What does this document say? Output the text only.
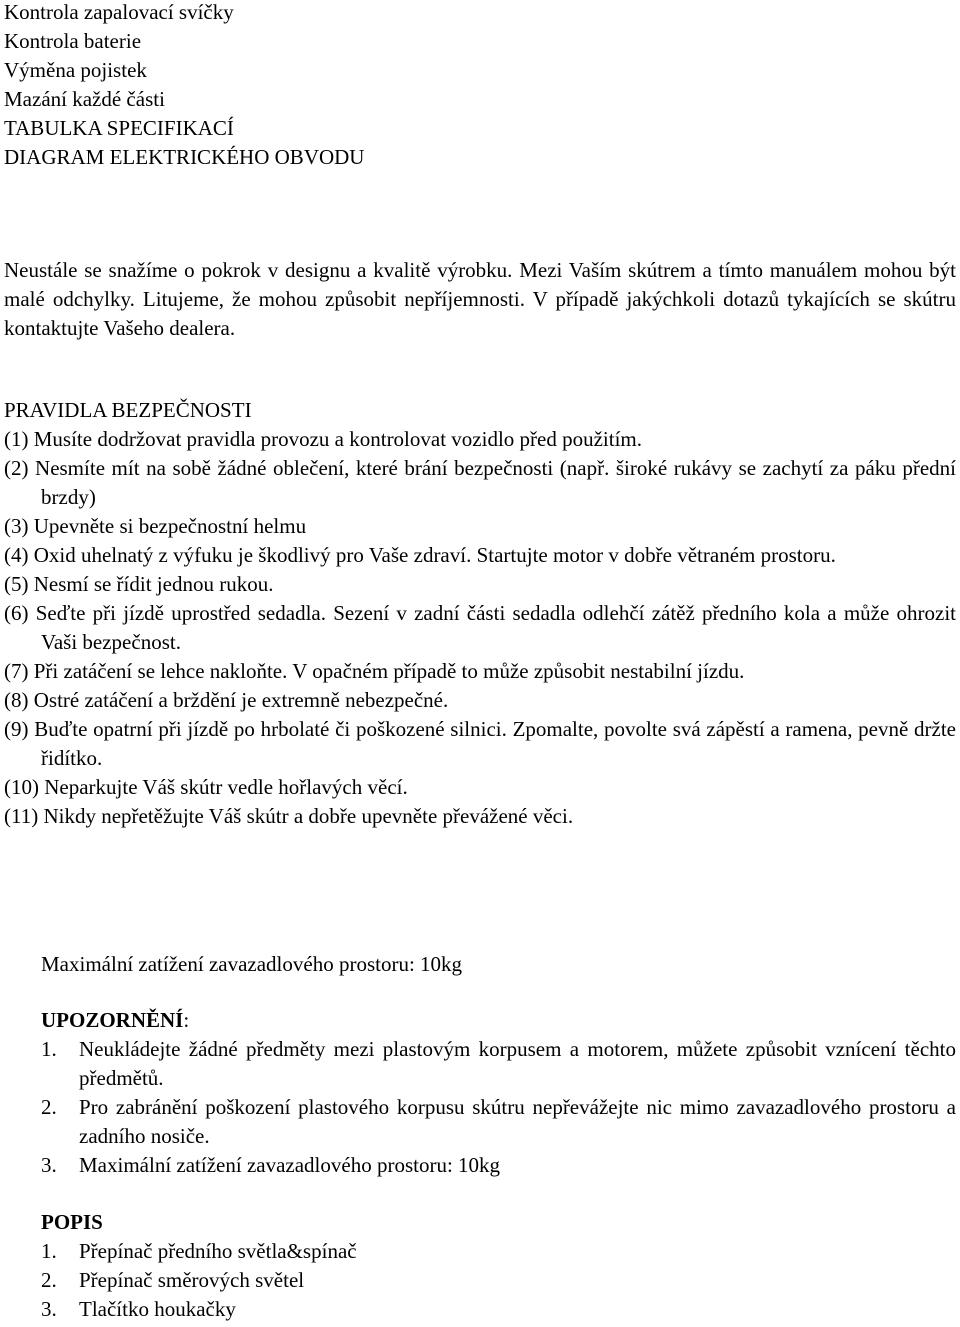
Kontrola zapalovací svíčky

Kontrola baterie

Výměna pojistek

Mazání každé části

TABULKA SPECIFIKACÍ

DIAGRAM ELEKTRICKÉHO OBVODU

Neustále se snažíme o pokrok v designu a kvalitě výrobku. Mezi Vaším skútrem a tímto manuálem mohou být malé odchylky. Litujeme, že mohou způsobit nepříjemnosti. V případě jakýchkoli dotazů tykajících se skútru kontaktujte Vašeho dealera.

PRAVIDLA BEZPEČNOSTI

(1) Musíte dodržovat pravidla provozu a kontrolovat vozidlo před použitím.
(2) Nesmíte mít na sobě žádné oblečení, které brání bezpečnosti (např. široké rukávy se zachytí za páku přední brzdy)
(3) Upevněte si bezpečnostní helmu
(4) Oxid uhelnatý z výfuku je škodlivý pro Vaše zdraví. Startujte motor v dobře větraném prostoru.
(5) Nesmí se řídit jednou rukou.
(6) Seďte při jízdě uprostřed sedadla. Sezení v zadní části sedadla odlehčí zátěž předního kola a může ohrozit Vaši bezpečnost.
(7) Při zatáčení se lehce nakloňte. V opačném případě to může způsobit nestabilní jízdu.
(8) Ostré zatáčení a brždění je extremně nebezpečné.
(9) Buďte opatrní při jízdě po hrbolaté či poškozené silnici. Zpomalte, povolte svá zápěstí a ramena, pevně držte řidítko.
(10) Neparkujte Váš skútr vedle hořlavých věcí.
(11) Nikdy nepřetěžujte Váš skútr a dobře upevněte převážené věci.

Maximální zatížení zavazadlového prostoru: 10kg

UPOZORNĚNÍ:

1. Neukládejte žádné předměty mezi plastovým korpusem a motorem, můžete způsobit vznícení těchto předmětů.
2. Pro zabránění poškození plastového korpusu skútru nepřevážejte nic mimo zavazadlového prostoru a zadního nosiče.
3. Maximální zatížení zavazadlového prostoru: 10kg

POPIS

1. Přepínač předního světla&spínač
2. Přepínač směrových světel
3. Tlačítko houkačky
